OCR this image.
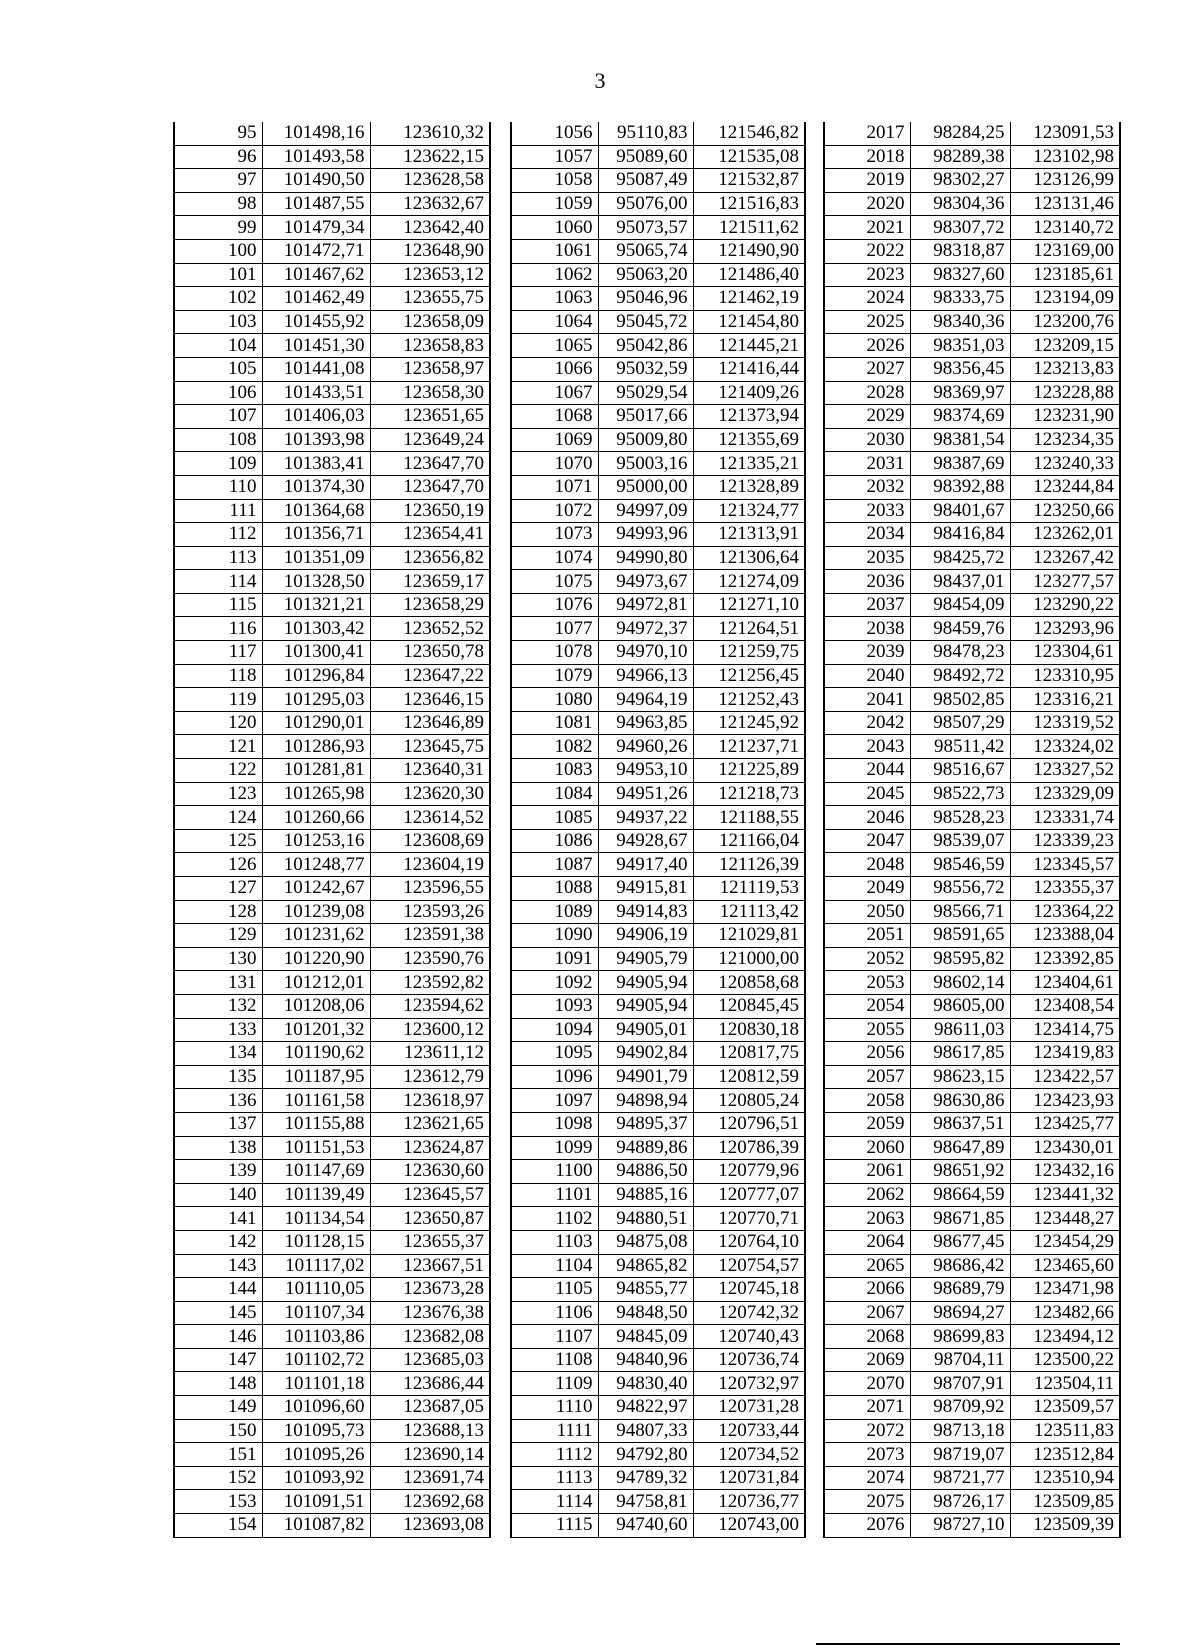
3
95	101498,16	123610,32
96	101493,58	123622,15
97	101490,50	123628,58
98	101487,55	123632,67
99	101479,34	123642,40
100	101472,71	123648,90
101	101467,62	123653,12
102	101462,49	123655,75
103	101455,92	123658,09
104	101451,30	123658,83
105	101441,08	123658,97
106	101433,51	123658,30
107	101406,03	123651,65
108	101393,98	123649,24
109	101383,41	123647,70
110	101374,30	123647,70
111	101364,68	123650,19
112	101356,71	123654,41
113	101351,09	123656,82
114	101328,50	123659,17
115	101321,21	123658,29
116	101303,42	123652,52
117	101300,41	123650,78
118	101296,84	123647,22
119	101295,03	123646,15
120	101290,01	123646,89
121	101286,93	123645,75
122	101281,81	123640,31
123	101265,98	123620,30
124	101260,66	123614,52
125	101253,16	123608,69
126	101248,77	123604,19
127	101242,67	123596,55
128	101239,08	123593,26
129	101231,62	123591,38
130	101220,90	123590,76
131	101212,01	123592,82
132	101208,06	123594,62
133	101201,32	123600,12
134	101190,62	123611,12
135	101187,95	123612,79
136	101161,58	123618,97
137	101155,88	123621,65
138	101151,53	123624,87
139	101147,69	123630,60
140	101139,49	123645,57
141	101134,54	123650,87
142	101128,15	123655,37
143	101117,02	123667,51
144	101110,05	123673,28
145	101107,34	123676,38
146	101103,86	123682,08
147	101102,72	123685,03
148	101101,18	123686,44
149	101096,60	123687,05
150	101095,73	123688,13
151	101095,26	123690,14
152	101093,92	123691,74
153	101091,51	123692,68
154	101087,82	123693,08
1056	95110,83	121546,82
1057	95089,60	121535,08
1058	95087,49	121532,87
1059	95076,00	121516,83
1060	95073,57	121511,62
1061	95065,74	121490,90
1062	95063,20	121486,40
1063	95046,96	121462,19
1064	95045,72	121454,80
1065	95042,86	121445,21
1066	95032,59	121416,44
1067	95029,54	121409,26
1068	95017,66	121373,94
1069	95009,80	121355,69
1070	95003,16	121335,21
1071	95000,00	121328,89
1072	94997,09	121324,77
1073	94993,96	121313,91
1074	94990,80	121306,64
1075	94973,67	121274,09
1076	94972,81	121271,10
1077	94972,37	121264,51
1078	94970,10	121259,75
1079	94966,13	121256,45
1080	94964,19	121252,43
1081	94963,85	121245,92
1082	94960,26	121237,71
1083	94953,10	121225,89
1084	94951,26	121218,73
1085	94937,22	121188,55
1086	94928,67	121166,04
1087	94917,40	121126,39
1088	94915,81	121119,53
1089	94914,83	121113,42
1090	94906,19	121029,81
1091	94905,79	121000,00
1092	94905,94	120858,68
1093	94905,94	120845,45
1094	94905,01	120830,18
1095	94902,84	120817,75
1096	94901,79	120812,59
1097	94898,94	120805,24
1098	94895,37	120796,51
1099	94889,86	120786,39
1100	94886,50	120779,96
1101	94885,16	120777,07
1102	94880,51	120770,71
1103	94875,08	120764,10
1104	94865,82	120754,57
1105	94855,77	120745,18
1106	94848,50	120742,32
1107	94845,09	120740,43
1108	94840,96	120736,74
1109	94830,40	120732,97
1110	94822,97	120731,28
1111	94807,33	120733,44
1112	94792,80	120734,52
1113	94789,32	120731,84
1114	94758,81	120736,77
1115	94740,60	120743,00
2017	98284,25	123091,53
2018	98289,38	123102,98
2019	98302,27	123126,99
2020	98304,36	123131,46
2021	98307,72	123140,72
2022	98318,87	123169,00
2023	98327,60	123185,61
2024	98333,75	123194,09
2025	98340,36	123200,76
2026	98351,03	123209,15
2027	98356,45	123213,83
2028	98369,97	123228,88
2029	98374,69	123231,90
2030	98381,54	123234,35
2031	98387,69	123240,33
2032	98392,88	123244,84
2033	98401,67	123250,66
2034	98416,84	123262,01
2035	98425,72	123267,42
2036	98437,01	123277,57
2037	98454,09	123290,22
2038	98459,76	123293,96
2039	98478,23	123304,61
2040	98492,72	123310,95
2041	98502,85	123316,21
2042	98507,29	123319,52
2043	98511,42	123324,02
2044	98516,67	123327,52
2045	98522,73	123329,09
2046	98528,23	123331,74
2047	98539,07	123339,23
2048	98546,59	123345,57
2049	98556,72	123355,37
2050	98566,71	123364,22
2051	98591,65	123388,04
2052	98595,82	123392,85
2053	98602,14	123404,61
2054	98605,00	123408,54
2055	98611,03	123414,75
2056	98617,85	123419,83
2057	98623,15	123422,57
2058	98630,86	123423,93
2059	98637,51	123425,77
2060	98647,89	123430,01
2061	98651,92	123432,16
2062	98664,59	123441,32
2063	98671,85	123448,27
2064	98677,45	123454,29
2065	98686,42	123465,60
2066	98689,79	123471,98
2067	98694,27	123482,66
2068	98699,83	123494,12
2069	98704,11	123500,22
2070	98707,91	123504,11
2071	98709,92	123509,57
2072	98713,18	123511,83
2073	98719,07	123512,84
2074	98721,77	123510,94
2075	98726,17	123509,85
2076	98727,10	123509,39
